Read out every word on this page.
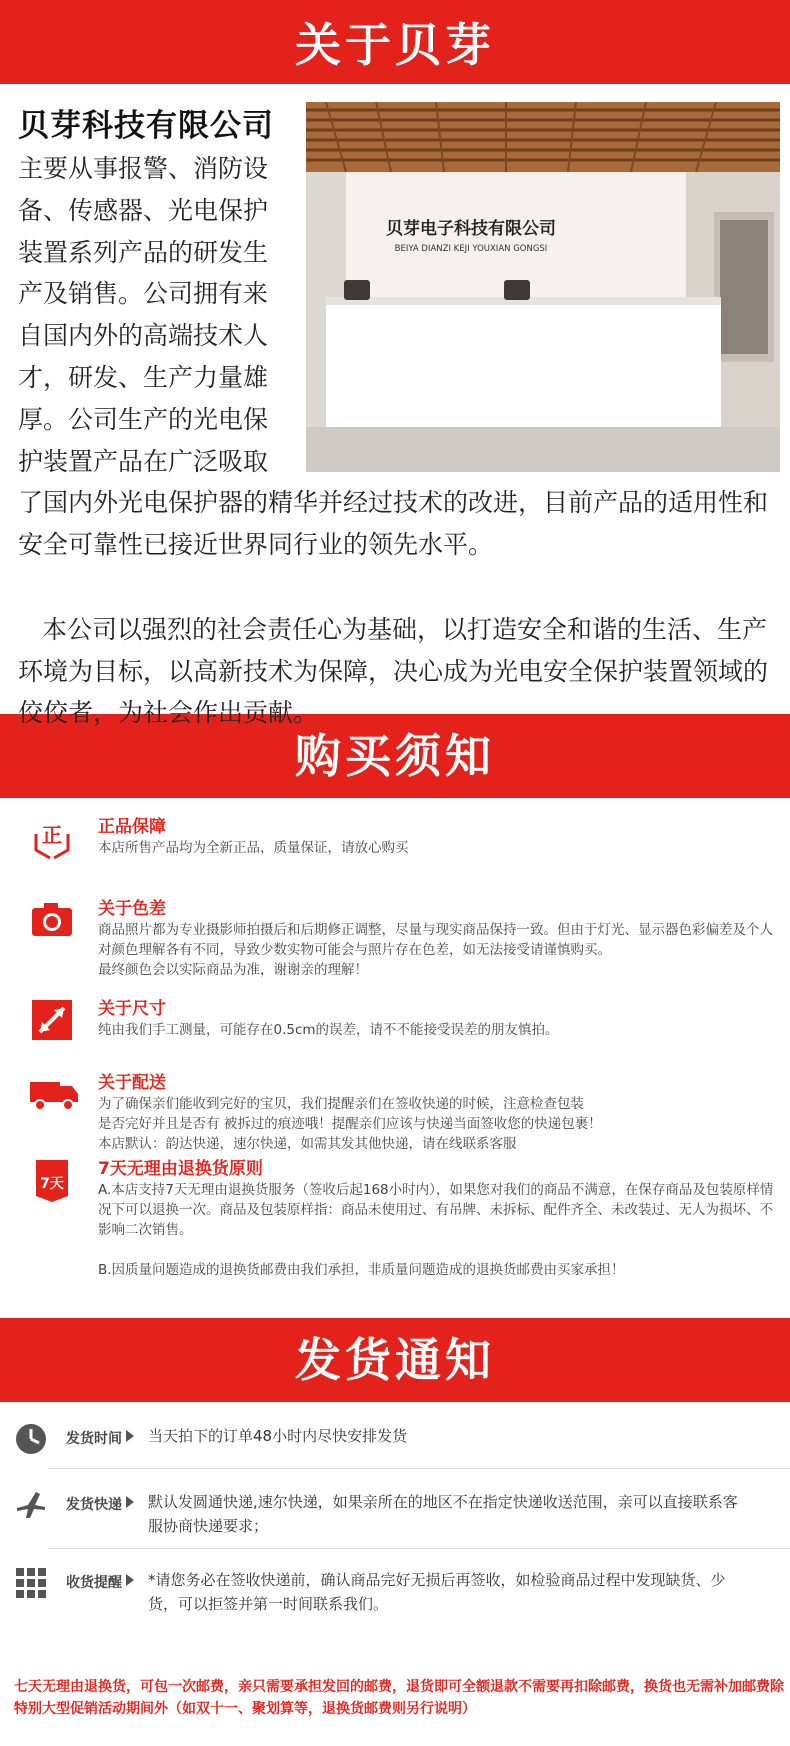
关于贝芽
贝芽科技有限公司
主要从事报警、消防设备、传感器、光电保护装置系列产品的研发生产及销售。公司拥有来自国内外的高端技术人才，研发、生产力量雄厚。公司生产的光电保护装置产品在广泛吸取
贝芽电子科技有限公司
BEIYA DIANZI KEJI YOUXIAN GONGSI
了国内外光电保护器的精华并经过技术的改进，目前产品的适用性和安全可靠性已接近世界同行业的领先水平。
本公司以强烈的社会责任心为基础，以打造安全和谐的生活、生产环境为目标，以高新技术为保障，决心成为光电安全保护装置领域的佼佼者，为社会作出贡献。
购买须知
正 正品保障
本店所售产品均为全新正品，质量保证，请放心购买
关于色差
商品照片都为专业摄影师拍摄后和后期修正调整，尽量与现实商品保持一致。但由于灯光、显示器色彩偏差及个人对颜色理解各有不同，导致少数实物可能会与照片存在色差，如无法接受请谨慎购买。
最终颜色会以实际商品为准，谢谢亲的理解！
关于尺寸
纯由我们手工测量，可能存在0.5cm的误差，请不不能接受误差的朋友慎拍。
关于配送
为了确保亲们能收到完好的宝贝，我们提醒亲们在签收快递的时候，注意检查包装
是否完好并且是否有 被拆过的痕迹哦！提醒亲们应该与快递当面签收您的快递包裹！
本店默认：韵达快递，速尔快递，如需其发其他快递，请在线联系客服
7天
7天无理由退换货原则
A.本店支持7天无理由退换货服务（签收后起168小时内），如果您对我们的商品不满意，在保存商品及包装原样情况下可以退换一次。商品及包装原样指：商品未使用过、有吊牌、未拆标、配件齐全、未改装过、无人为损坏、不影响二次销售。

B.因质量问题造成的退换货邮费由我们承担，非质量问题造成的退换货邮费由买家承担！
发货通知
发货时间 当天拍下的订单48小时内尽快安排发货
发货快递 默认发圆通快递,速尔快递，如果亲所在的地区不在指定快递收送范围，亲可以直接联系客服协商快递要求；
收货提醒 *请您务必在签收快递前，确认商品完好无损后再签收，如检验商品过程中发现缺货、少货，可以拒签并第一时间联系我们。
七天无理由退换货，可包一次邮费，亲只需要承担发回的邮费，退货即可全额退款不需要再扣除邮费，换货也无需补加邮费除特别大型促销活动期间外（如双十一、聚划算等，退换货邮费则另行说明）
